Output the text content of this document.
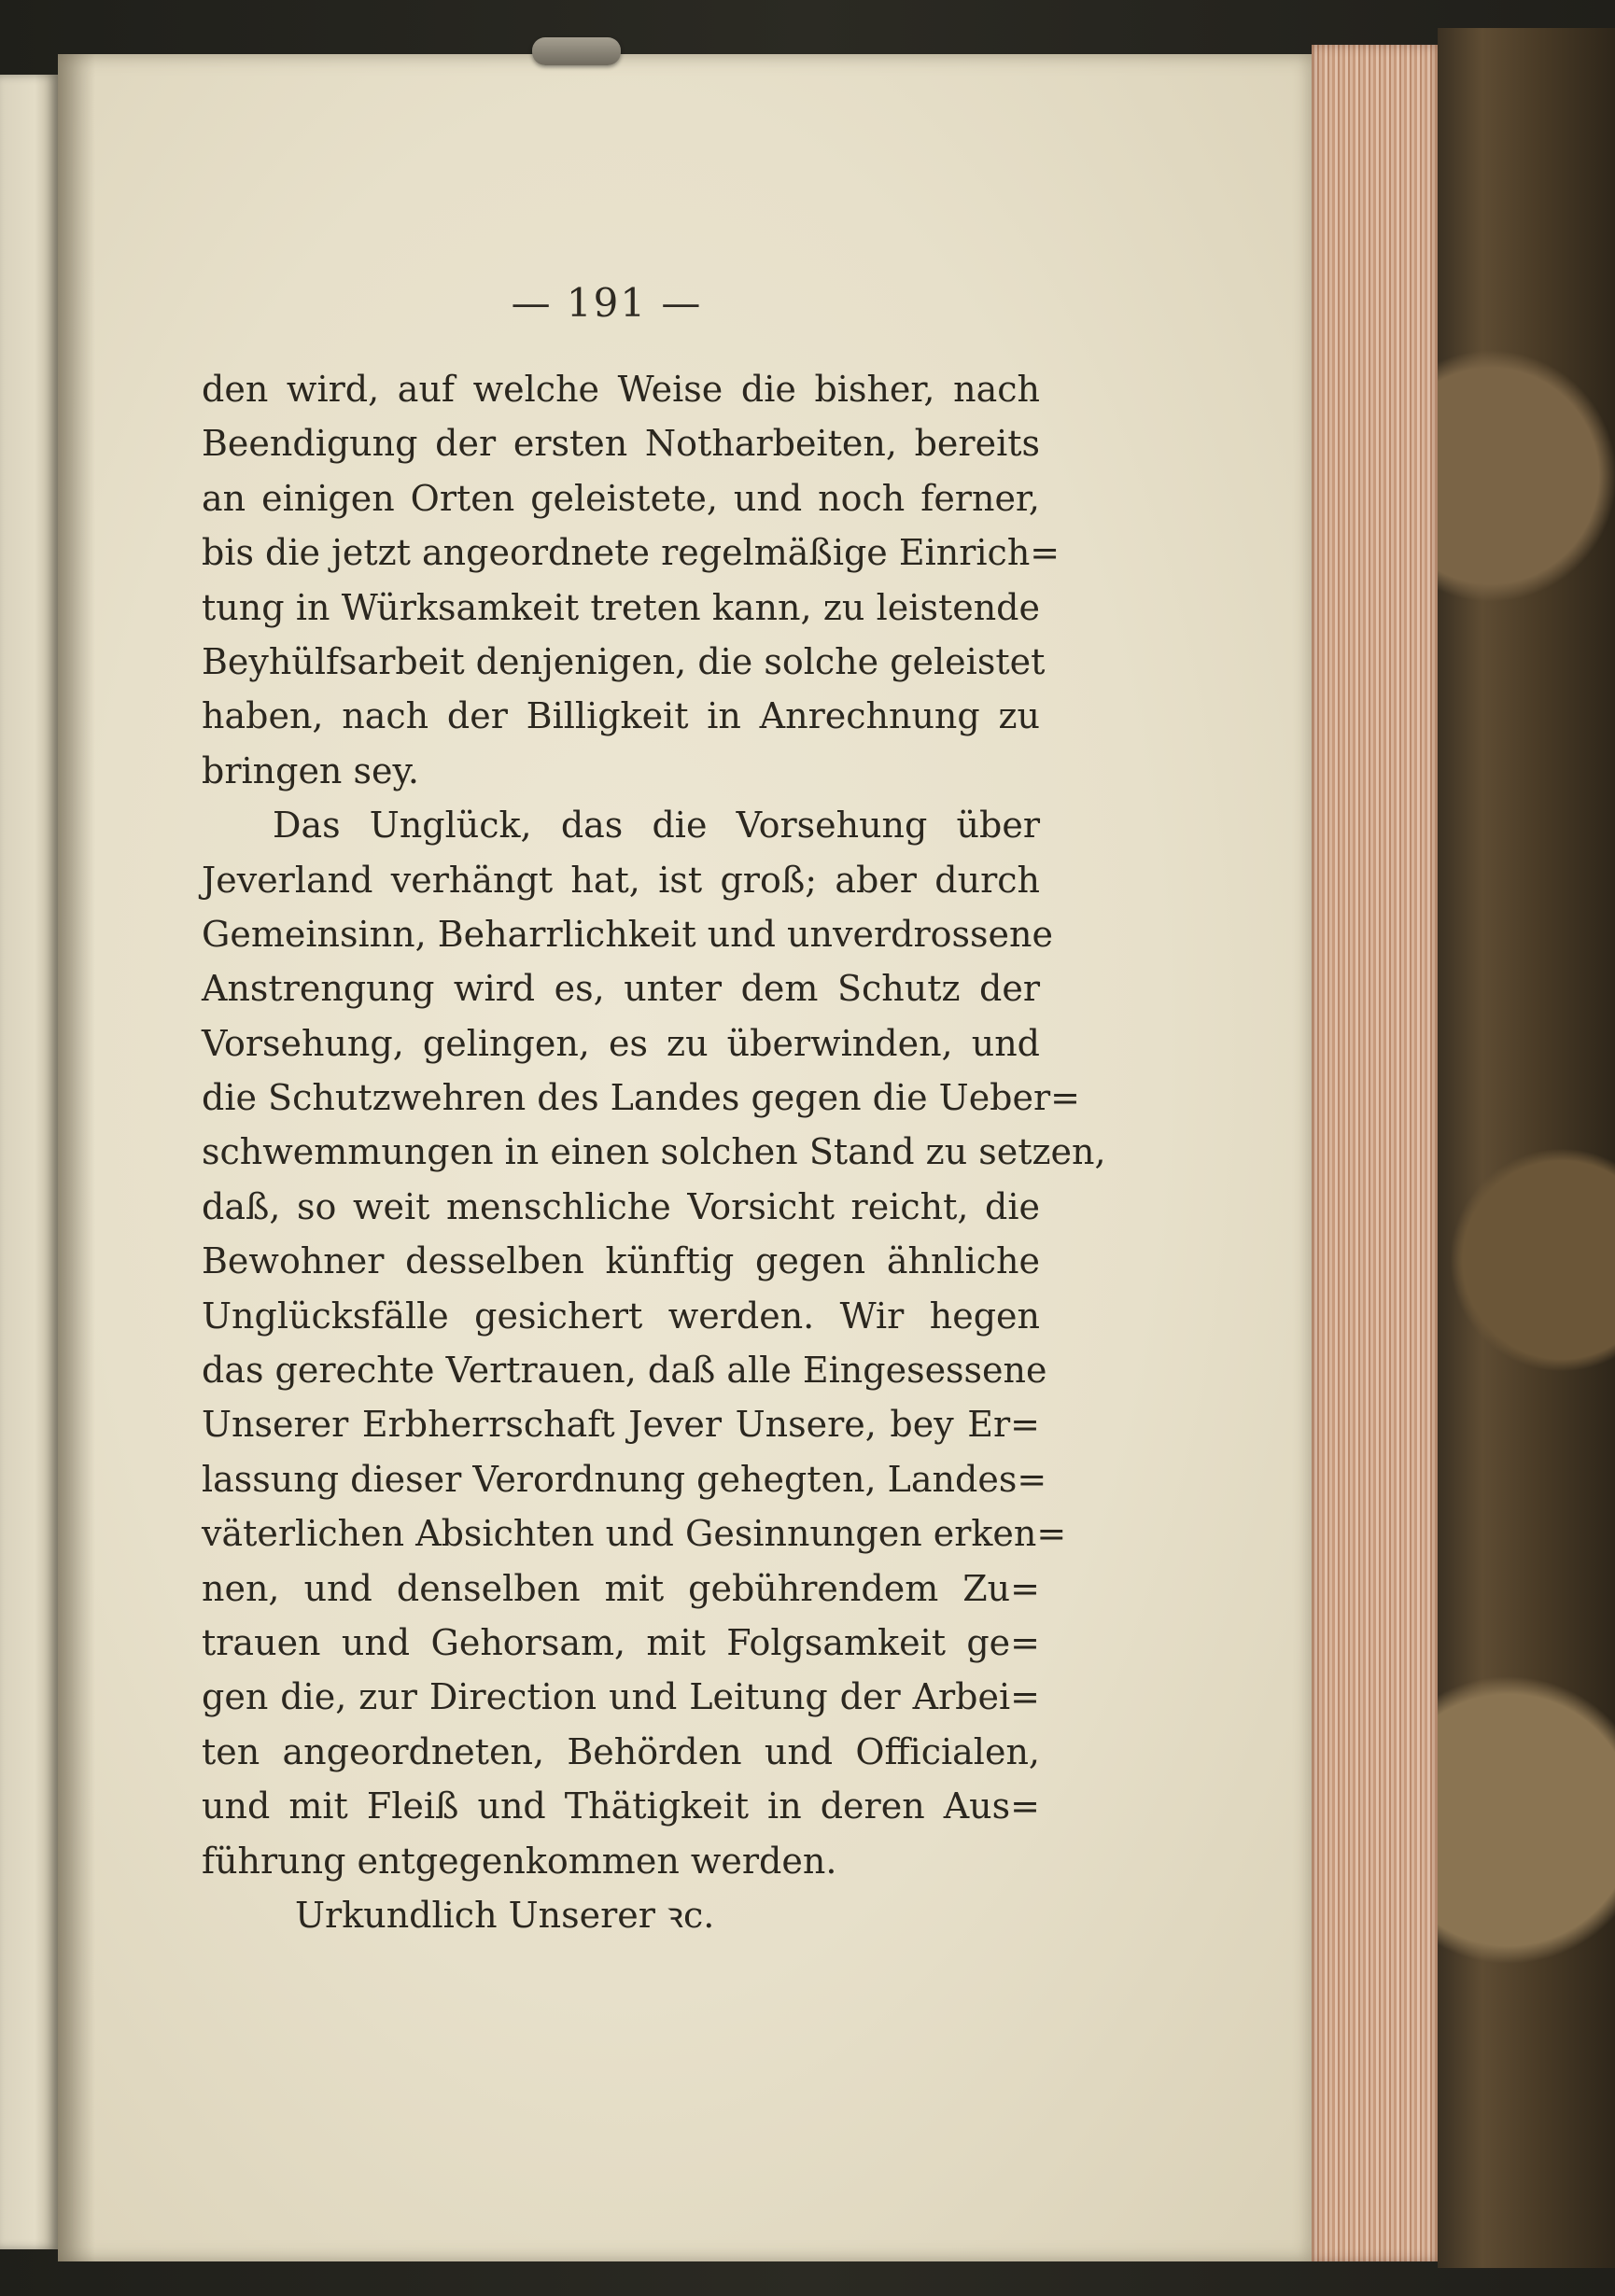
— 191 —
den wird, auf welche Weise die bisher, nach
Beendigung der ersten Notharbeiten, bereits
an einigen Orten geleistete, und noch ferner,
bis die jetzt angeordnete regelmäßige Einrich=
tung in Würksamkeit treten kann, zu leistende
Beyhülfsarbeit denjenigen, die solche geleistet
haben, nach der Billigkeit in Anrechnung zu
bringen sey.
Das Unglück, das die Vorsehung über
Jeverland verhängt hat, ist groß; aber durch
Gemeinsinn, Beharrlichkeit und unverdrossene
Anstrengung wird es, unter dem Schutz der
Vorsehung, gelingen, es zu überwinden, und
die Schutzwehren des Landes gegen die Ueber=
schwemmungen in einen solchen Stand zu setzen,
daß, so weit menschliche Vorsicht reicht, die
Bewohner desselben künftig gegen ähnliche
Unglücksfälle gesichert werden. Wir hegen
das gerechte Vertrauen, daß alle Eingesessene
Unserer Erbherrschaft Jever Unsere, bey Er=
lassung dieser Verordnung gehegten, Landes=
väterlichen Absichten und Gesinnungen erken=
nen, und denselben mit gebührendem Zu=
trauen und Gehorsam, mit Folgsamkeit ge=
gen die, zur Direction und Leitung der Arbei=
ten angeordneten, Behörden und Officialen,
und mit Fleiß und Thätigkeit in deren Aus=
führung entgegenkommen werden.
Urkundlich Unserer ꝛc.
